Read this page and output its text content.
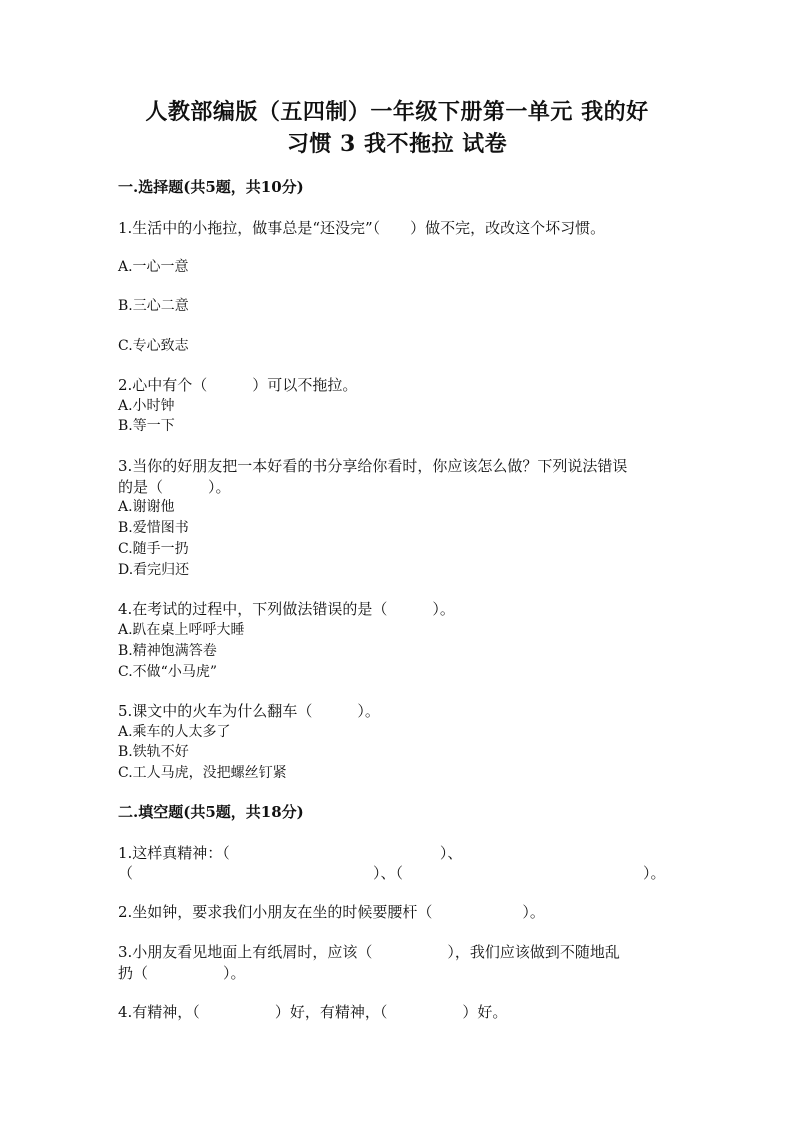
人教部编版（五四制）一年级下册第一单元 我的好
习惯 3 我不拖拉 试卷
一.选择题(共5题，共10分)
1.生活中的小拖拉，做事总是“还没完”（　　）做不完，改改这个坏习惯。
A.一心一意
B.三心二意
C.专心致志
2.心中有个（　　　）可以不拖拉。
A.小时钟
B.等一下
3.当你的好朋友把一本好看的书分享给你看时，你应该怎么做？下列说法错误
的是（　　　）。
A.谢谢他
B.爱惜图书
C.随手一扔
D.看完归还
4.在考试的过程中，下列做法错误的是（　　　）。
A.趴在桌上呼呼大睡
B.精神饱满答卷
C.不做“小马虎”
5.课文中的火车为什么翻车（　　　）。
A.乘车的人太多了
B.铁轨不好
C.工人马虎，没把螺丝钉紧
二.填空题(共5题，共18分)
1.这样真精神：（　　　　　　　　　　　　　　）、
（　　　　　　　　　　　　　　　　）、（　　　　　　　　　　　　　　　　）。
2.坐如钟，要求我们小朋友在坐的时候要腰杆（　　　　　　）。
3.小朋友看见地面上有纸屑时，应该（　　　　　），我们应该做到不随地乱
扔（　　　　　）。
4.有精神，（　　　　　）好，有精神，（　　　　　）好。
